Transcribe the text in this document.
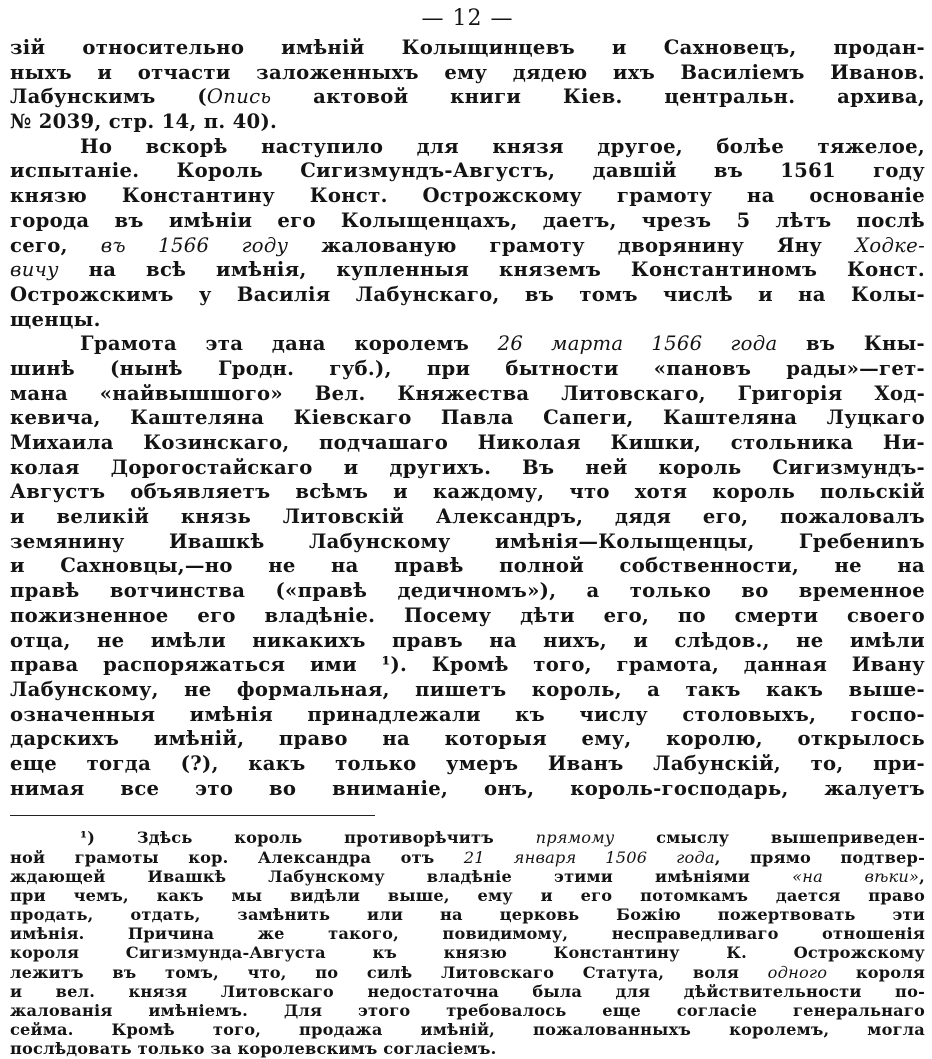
— 12 —
зій относительно имѣній Колыщинцевъ и Сахновецъ, продан-
ныхъ и отчасти заложенныхъ ему дядею ихъ Василіемъ Иванов.
Лабунскимъ (Опись актовой книги Кіев. центральн. архива,
№ 2039, стр. 14, п. 40).
Но вскорѣ наступило для князя другое, болѣе тяжелое,
испытаніе. Король Сигизмундъ-Августъ, давшій въ 1561 году
князю Константину Конст. Острожскому грамоту на основаніе
города въ имѣніи его Колыщенцахъ, даетъ, чрезъ 5 лѣтъ послѣ
сего, въ 1566 году жалованую грамоту дворянину Яну Ходке-
вичу на всѣ имѣнія, купленныя княземъ Константиномъ Конст.
Острожскимъ у Василія Лабунскаго, въ томъ числѣ и на Колы-
щенцы.
Грамота эта дана королемъ 26 марта 1566 года въ Кны-
шинѣ (нынѣ Гродн. губ.), при бытности «пановъ рады»—гет-
мана «найвышшого» Вел. Княжества Литовскаго, Григорія Ход-
кевича, Каштеляна Кіевскаго Павла Сапеги, Каштеляна Луцкаго
Михаила Козинскаго, подчашаго Николая Кишки, стольника Ни-
колая Дорогостайскаго и другихъ. Въ ней король Сигизмундъ-
Августъ объявляетъ всѣмъ и каждому, что хотя король польскій
и великій князь Литовскій Александръ, дядя его, пожаловалъ
земянину Ивашкѣ Лабунскому имѣнія—Колыщенцы, Гребениnъ
и Сахновцы,—но не на правѣ полной собственности, не на
правѣ вотчинства («правѣ дедичномъ»), а только во временное
пожизненное его владѣніе. Посему дѣти его, по смерти своего
отца, не имѣли никакихъ правъ на нихъ, и слѣдов., не имѣли
права распоряжаться ими ¹). Кромѣ того, грамота, данная Ивану
Лабунскому, не формальная, пишетъ король, а такъ какъ выше-
означенныя имѣнія принадлежали къ числу столовыхъ, госпо-
дарскихъ имѣній, право на которыя ему, королю, открылось
еще тогда (?), какъ только умеръ Иванъ Лабунскій, то, при-
нимая все это во вниманіе, онъ, король-господарь, жалуетъ
¹) Здѣсь король противорѣчитъ прямому смыслу вышеприведен-
ной грамоты кор. Александра отъ 21 января 1506 года, прямо подтвер-
ждающей Ивашкѣ Лабунскому владѣніе этими имѣніями «на вѣки»,
при чемъ, какъ мы видѣли выше, ему и его потомкамъ дается право
продать, отдать, замѣнить или на церковь Божію пожертвовать эти
имѣнія. Причина же такого, повидимому, несправедливаго отношенія
короля Сигизмунда-Августа къ князю Константину К. Острожскому
лежитъ въ томъ, что, по силѣ Литовскаго Статута, воля одного короля
и вел. князя Литовскаго недостаточна была для дѣйствительности по-
жалованія имѣніемъ. Для этого требовалось еще согласіе генеральнаго
сейма. Кромѣ того, продажа имѣній, пожалованныхъ королемъ, могла
послѣдовать только за королевскимъ согласіемъ.
